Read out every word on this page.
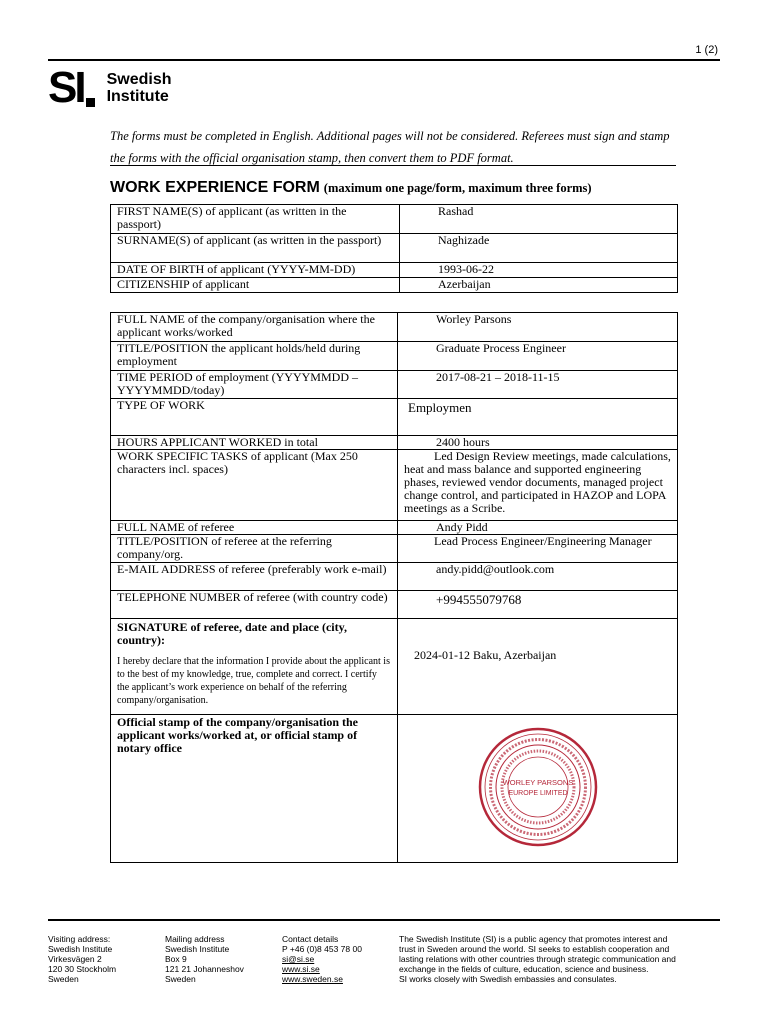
1 (2)
SI Swedish
Institute
The forms must be completed in English. Additional pages will not be considered. Referees must sign and stamp the forms with the official organisation stamp, then convert them to PDF format.
WORK EXPERIENCE FORM (maximum one page/form, maximum three forms)
FIRST NAME(S) of applicant (as written in the passport)	Rashad
SURNAME(S) of applicant (as written in the passport)	Naghizade
DATE OF BIRTH of applicant (YYYY-MM-DD)	1993-06-22
CITIZENSHIP of applicant	Azerbaijan
FULL NAME of the company/organisation where the applicant works/worked	Worley Parsons
TITLE/POSITION the applicant holds/held during employment	Graduate Process Engineer
TIME PERIOD of employment (YYYYMMDD – YYYYMMDD/today)	2017-08-21 – 2018-11-15
TYPE OF WORK	Employmen
HOURS APPLICANT WORKED in total	2400 hours
WORK SPECIFIC TASKS of applicant (Max 250 characters incl. spaces)	Led Design Review meetings, made calculations, heat and mass balance and supported engineering phases, reviewed vendor documents, managed project change control, and participated in HAZOP and LOPA meetings as a Scribe.
FULL NAME of referee	Andy Pidd
TITLE/POSITION of referee at the referring company/org.	Lead Process Engineer/Engineering Manager
E-MAIL ADDRESS of referee (preferably work e-mail)	andy.pidd@outlook.com
TELEPHONE NUMBER of referee (with country code)	+994555079768

SIGNATURE of referee, date and place (city, country):
I hereby declare that the information I provide about the applicant is to the best of my knowledge, true, complete and correct. I certify the applicant’s work experience on behalf of the referring company/organisation.	2024-01-12 Baku, Azerbaijan
Official stamp of the company/organisation the applicant works/worked at, or official stamp of notary office	WORLEY PARSONS
EUROPE LIMITED
Visiting address:
Swedish Institute
Virkesvägen 2
120 30 Stockholm
Sweden
Mailing address
Swedish Institute
Box 9
121 21 Johanneshov
Sweden
Contact details
P +46 (0)8 453 78 00
si@si.se
www.si.se
www.sweden.se
The Swedish Institute (SI) is a public agency that promotes interest and
trust in Sweden around the world. SI seeks to establish cooperation and
lasting relations with other countries through strategic communication and
exchange in the fields of culture, education, science and business.
SI works closely with Swedish embassies and consulates.
